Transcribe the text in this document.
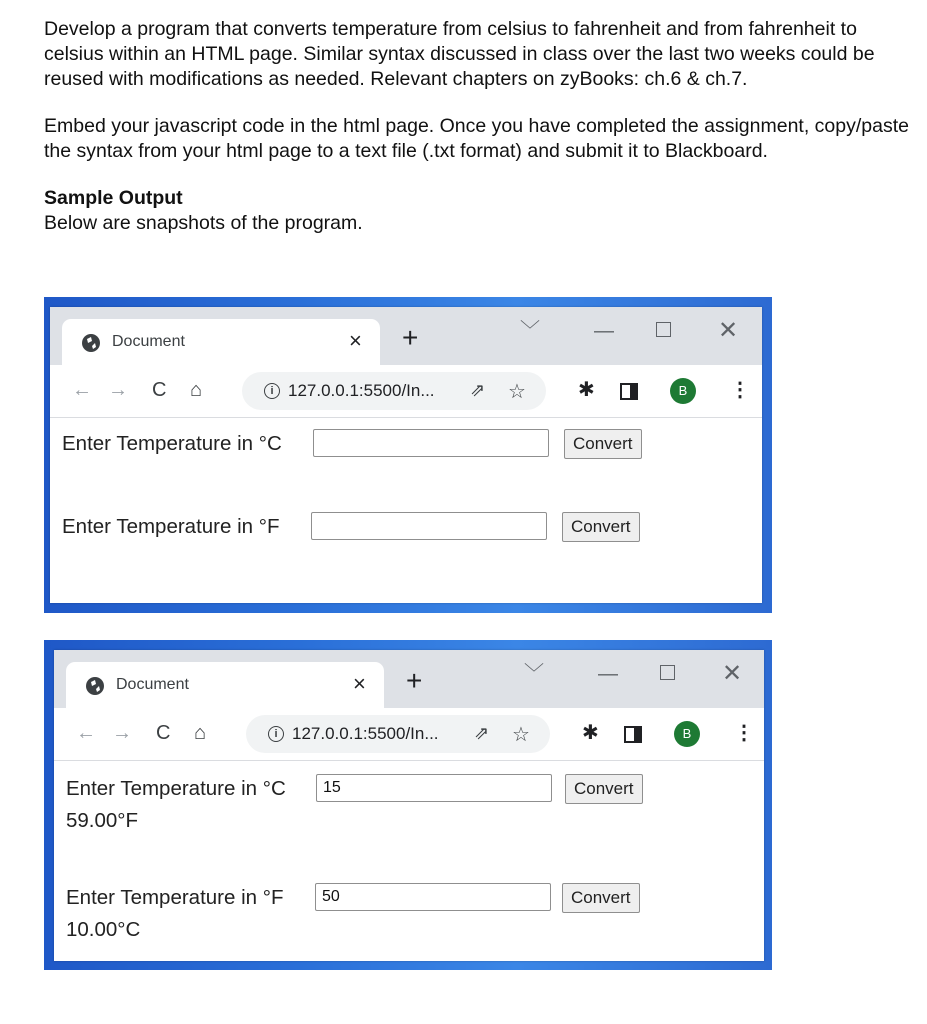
Develop a program that converts temperature from celsius to fahrenheit and from fahrenheit to celsius within an HTML page. Similar syntax discussed in class over the last two weeks could be reused with modifications as needed. Relevant chapters on zyBooks: ch.6 & ch.7.

Embed your javascript code in the html page. Once you have completed the assignment, copy/paste the syntax from your html page to a text file (.txt format) and submit it to Blackboard.

Sample Output

Below are snapshots of the program.

Document	× +	﹀	—	✕
← → C ⌂	i 127.0.0.1:5500/In... ⇗ ☆	✱	B	⋮
Enter Temperature in °C	Convert
Enter Temperature in °F	Convert
Document	× +	﹀	—	✕
← → C ⌂	i 127.0.0.1:5500/In... ⇗ ☆	✱	B	⋮
Enter Temperature in °C
15	Convert
59.00°F
Enter Temperature in °F
50	Convert
10.00°C
